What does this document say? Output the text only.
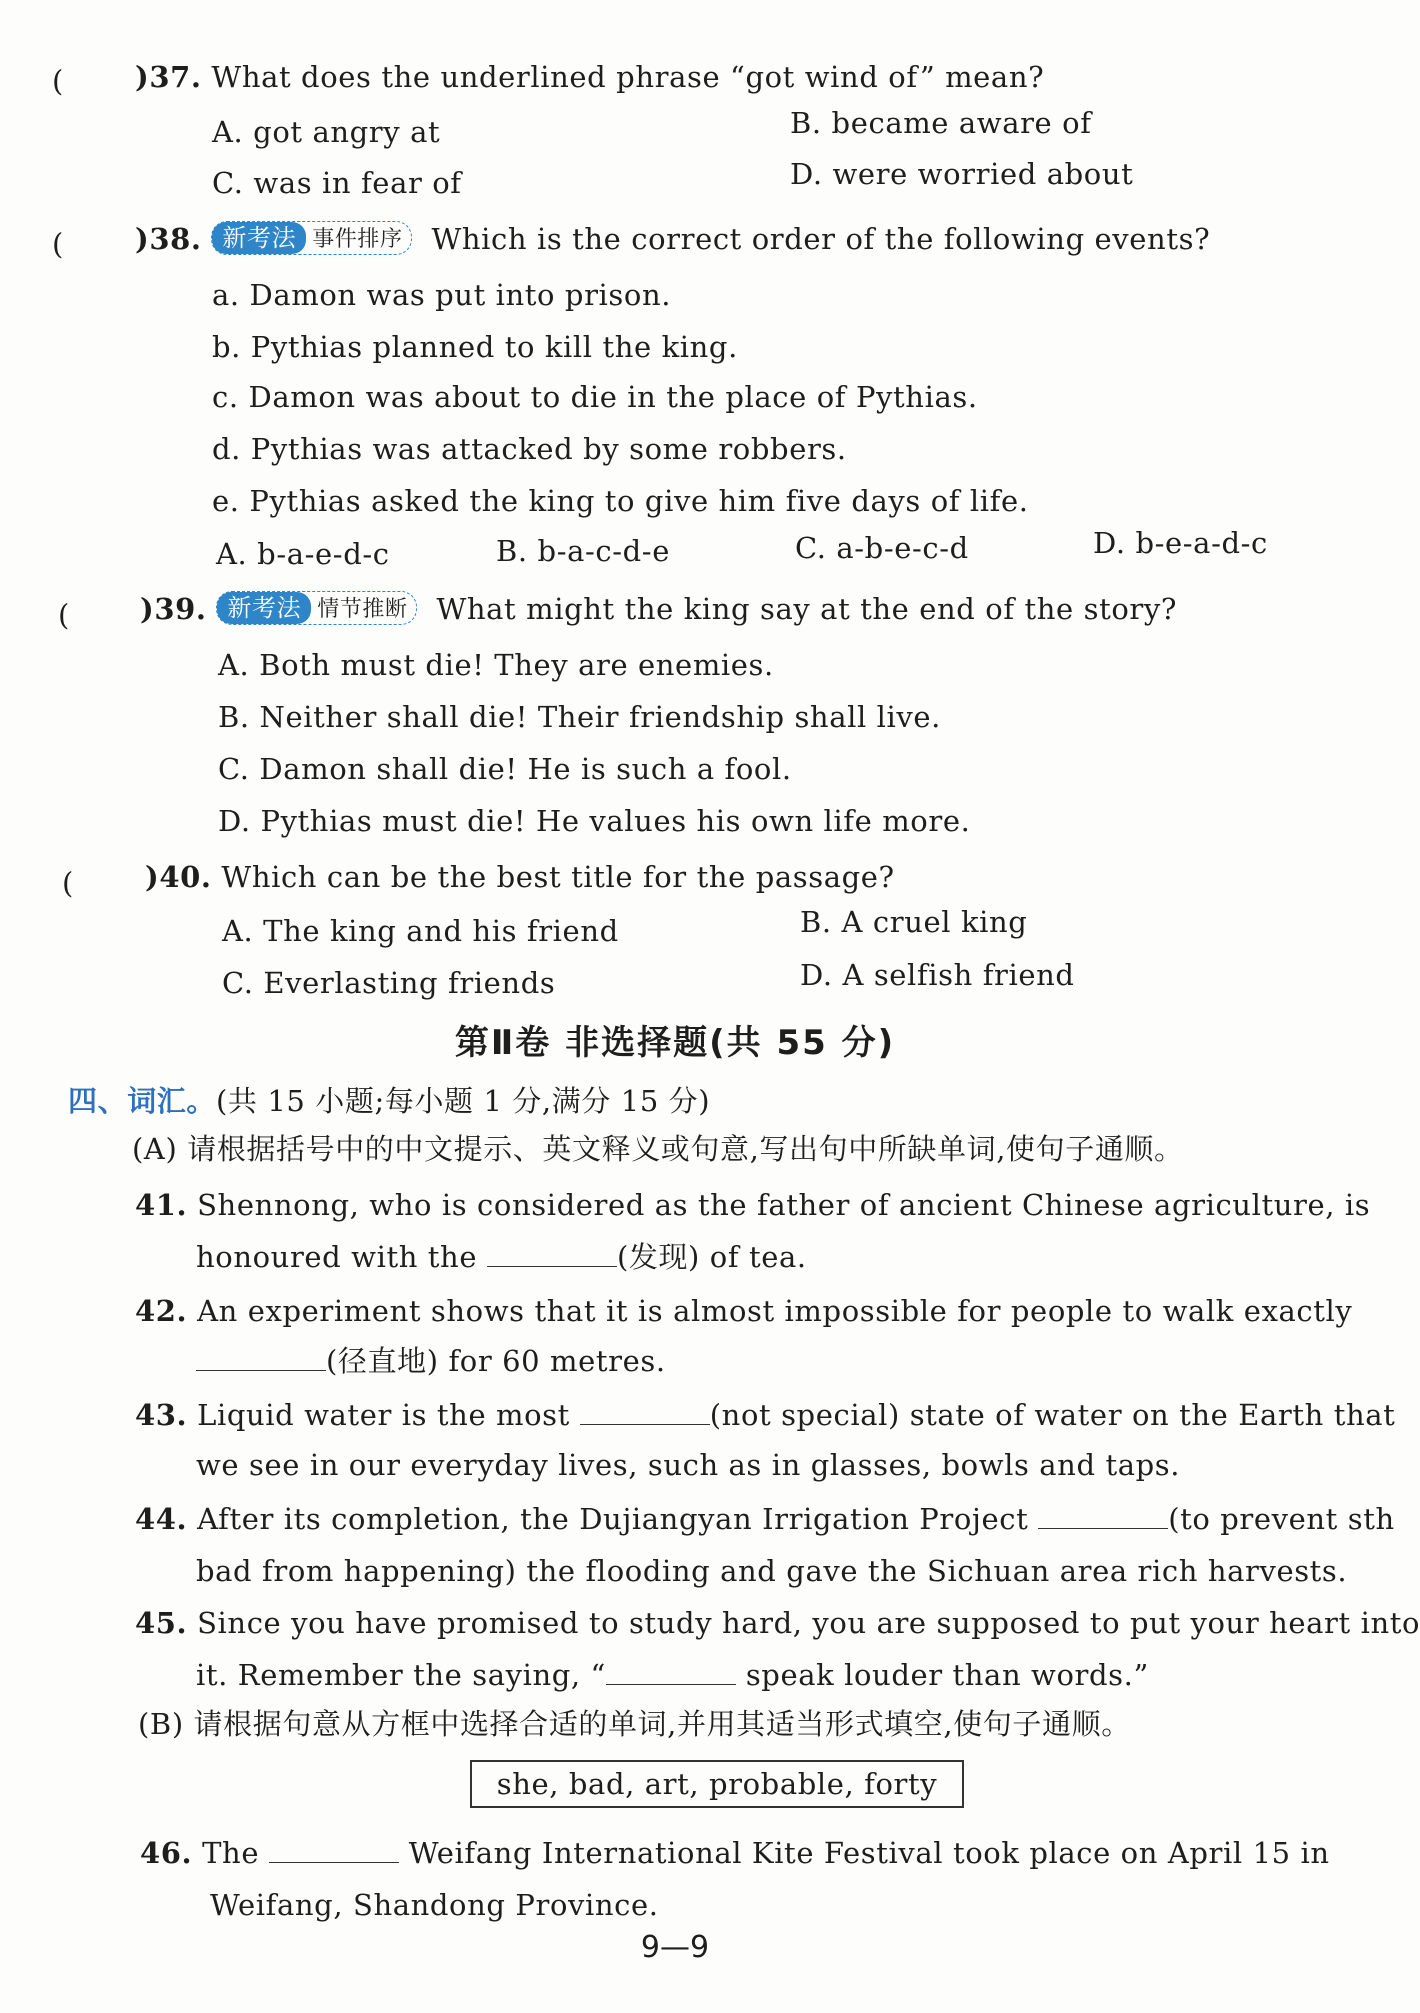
( )37. What does the underlined phrase “got wind of” mean?
A. got angry at	B. became aware of
C. was in fear of	D. were worried about
( )38. 新考法 事件排序 Which is the correct order of the following events?
a. Damon was put into prison.
b. Pythias planned to kill the king.
c. Damon was about to die in the place of Pythias.
d. Pythias was attacked by some robbers.
e. Pythias asked the king to give him five days of life.
A. b-a-e-d-c	B. b-a-c-d-e	C. a-b-e-c-d	D. b-e-a-d-c
( )39. 新考法 情节推断 What might the king say at the end of the story?
A. Both must die! They are enemies.
B. Neither shall die! Their friendship shall live.
C. Damon shall die! He is such a fool.
D. Pythias must die! He values his own life more.
( )40. Which can be the best title for the passage?
A. The king and his friend	B. A cruel king
C. Everlasting friends	D. A selfish friend
第Ⅱ卷 非选择题(共 55 分)
四、词汇。(共 15 小题;每小题 1 分,满分 15 分)
(A) 请根据括号中的中文提示、英文释义或句意,写出句中所缺单词,使句子通顺。
41. Shennong, who is considered as the father of ancient Chinese agriculture, is
honoured with the	(发现) of tea.
42. An experiment shows that it is almost impossible for people to walk exactly
(径直地) for 60 metres.
43. Liquid water is the most	(not special) state of water on the Earth that
we see in our everyday lives, such as in glasses, bowls and taps.
44. After its completion, the Dujiangyan Irrigation Project	(to prevent sth
bad from happening) the flooding and gave the Sichuan area rich harvests.
45. Since you have promised to study hard, you are supposed to put your heart into
it. Remember the saying, “	speak louder than words.”
(B) 请根据句意从方框中选择合适的单词,并用其适当形式填空,使句子通顺。
she, bad, art, probable, forty
46. The	Weifang International Kite Festival took place on April 15 in
Weifang, Shandong Province.
9—9
